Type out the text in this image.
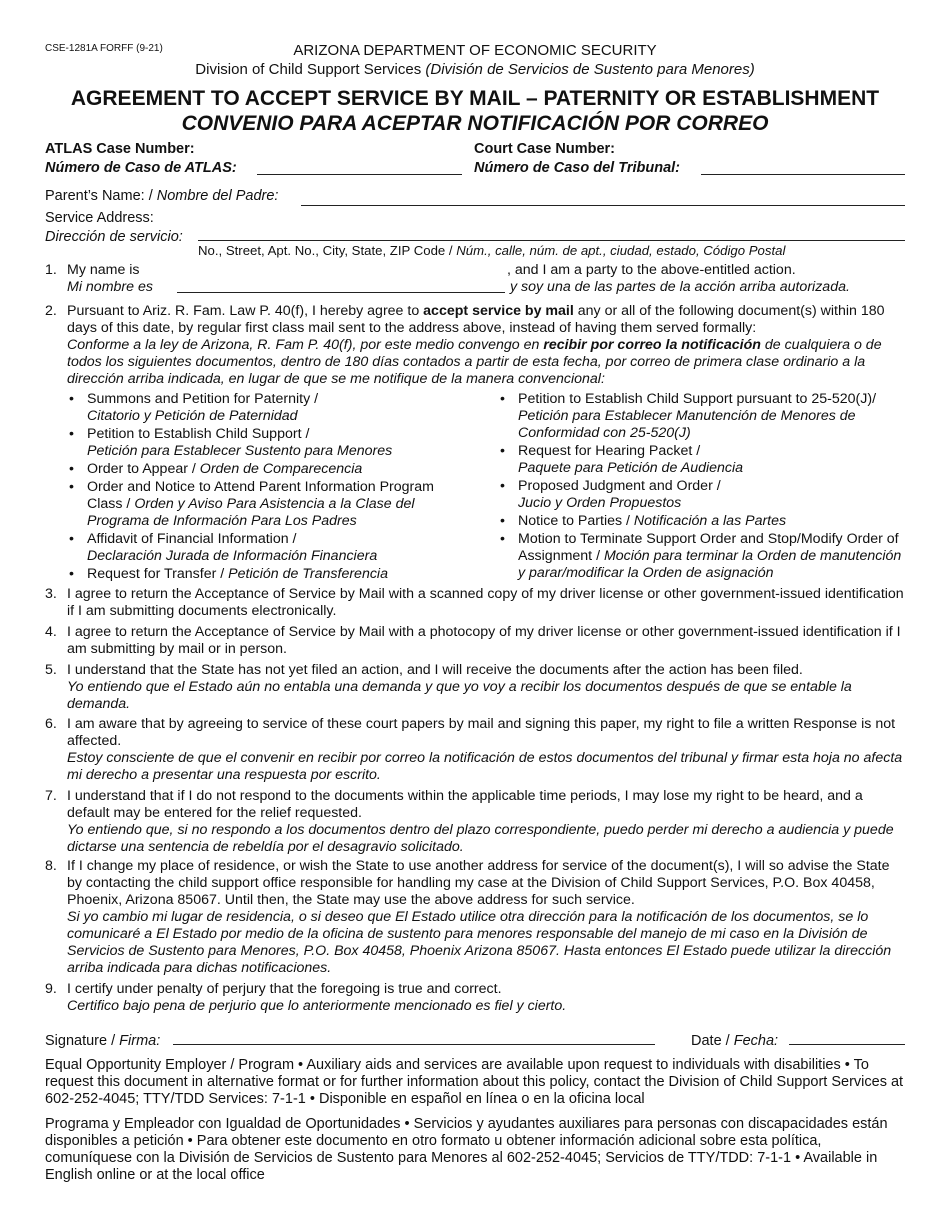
CSE-1281A FORFF (9-21)	ARIZONA DEPARTMENT OF ECONOMIC SECURITY
Division of Child Support Services (División de Servicios de Sustento para Menores)
AGREEMENT TO ACCEPT SERVICE BY MAIL – PATERNITY OR ESTABLISHMENT
CONVENIO PARA ACEPTAR NOTIFICACIÓN POR CORREO
ATLAS Case Number:
Número de Caso de ATLAS:
Court Case Number:
Número de Caso del Tribunal:
Parent’s Name: / Nombre del Padre:
Service Address:
Dirección de servicio:
No., Street, Apt. No., City, State, ZIP Code / Núm., calle, núm. de apt., ciudad, estado, Código Postal
1. My name is	, and I am a party to the above-entitled action.
Mi nombre es	y soy una de las partes de la acción arriba autorizada.
2. Pursuant to Ariz. R. Fam. Law P. 40(f), I hereby agree to accept service by mail any or all of the following document(s) within 180 days of this date, by regular first class mail sent to the address above, instead of having them served formally:
Conforme a la ley de Arizona, R. Fam P. 40(f), por este medio convengo en recibir por correo la notificación de cualquiera o de todos los siguientes documentos, dentro de 180 días contados a partir de esta fecha, por correo de primera clase ordinario a la dirección arriba indicada, en lugar de que se me notifique de la manera convencional:
• Summons and Petition for Paternity /
Citatorio y Petición de Paternidad
• Petition to Establish Child Support /
Petición para Establecer Sustento para Menores
• Order to Appear / Orden de Comparecencia
• Order and Notice to Attend Parent Information Program Class / Orden y Aviso Para Asistencia a la Clase del Programa de Información Para Los Padres
• Affidavit of Financial Information /
Declaración Jurada de Información Financiera
• Request for Transfer / Petición de Transferencia
• Petition to Establish Child Support pursuant to 25-520(J)/
Petición para Establecer Manutención de Menores de Conformidad con 25-520(J)
• Request for Hearing Packet /
Paquete para Petición de Audiencia
• Proposed Judgment and Order /
Jucio y Orden Propuestos
• Notice to Parties / Notificación a las Partes
• Motion to Terminate Support Order and Stop/Modify Order of Assignment / Moción para terminar la Orden de manutención y parar/modificar la Orden de asignación
3. I agree to return the Acceptance of Service by Mail with a scanned copy of my driver license or other government-issued identification if I am submitting documents electronically.
4. I agree to return the Acceptance of Service by Mail with a photocopy of my driver license or other government-issued identification if I am submitting by mail or in person.
5. I understand that the State has not yet filed an action, and I will receive the documents after the action has been filed.
Yo entiendo que el Estado aún no entabla una demanda y que yo voy a recibir los documentos después de que se entable la demanda.
6. I am aware that by agreeing to service of these court papers by mail and signing this paper, my right to file a written Response is not affected.
Estoy consciente de que el convenir en recibir por correo la notificación de estos documentos del tribunal y firmar esta hoja no afecta mi derecho a presentar una respuesta por escrito.
7. I understand that if I do not respond to the documents within the applicable time periods, I may lose my right to be heard, and a default may be entered for the relief requested.
Yo entiendo que, si no respondo a los documentos dentro del plazo correspondiente, puedo perder mi derecho a audiencia y puede dictarse una sentencia de rebeldía por el desagravio solicitado.
8. If I change my place of residence, or wish the State to use another address for service of the document(s), I will so advise the State by contacting the child support office responsible for handling my case at the Division of Child Support Services, P.O. Box 40458, Phoenix, Arizona 85067. Until then, the State may use the above address for such service.
Si yo cambio mi lugar de residencia, o si deseo que El Estado utilice otra dirección para la notificación de los documentos, se lo comunicaré a El Estado por medio de la oficina de sustento para menores responsable del manejo de mi caso en la División de Servicios de Sustento para Menores, P.O. Box 40458, Phoenix Arizona 85067. Hasta entonces El Estado puede utilizar la dirección arriba indicada para dichas notificaciones.
9. I certify under penalty of perjury that the foregoing is true and correct.
Certifico bajo pena de perjurio que lo anteriormente mencionado es fiel y cierto.
Signature / Firma:	Date / Fecha:
Equal Opportunity Employer / Program • Auxiliary aids and services are available upon request to individuals with disabilities • To request this document in alternative format or for further information about this policy, contact the Division of Child Support Services at 602-252-4045; TTY/TDD Services: 7-1-1 • Disponible en español en línea o en la oficina local
Programa y Empleador con Igualdad de Oportunidades • Servicios y ayudantes auxiliares para personas con discapacidades están disponibles a petición • Para obtener este documento en otro formato u obtener información adicional sobre esta política, comuníquese con la División de Servicios de Sustento para Menores al 602-252-4045; Servicios de TTY/TDD: 7-1-1 • Available in English online or at the local office
